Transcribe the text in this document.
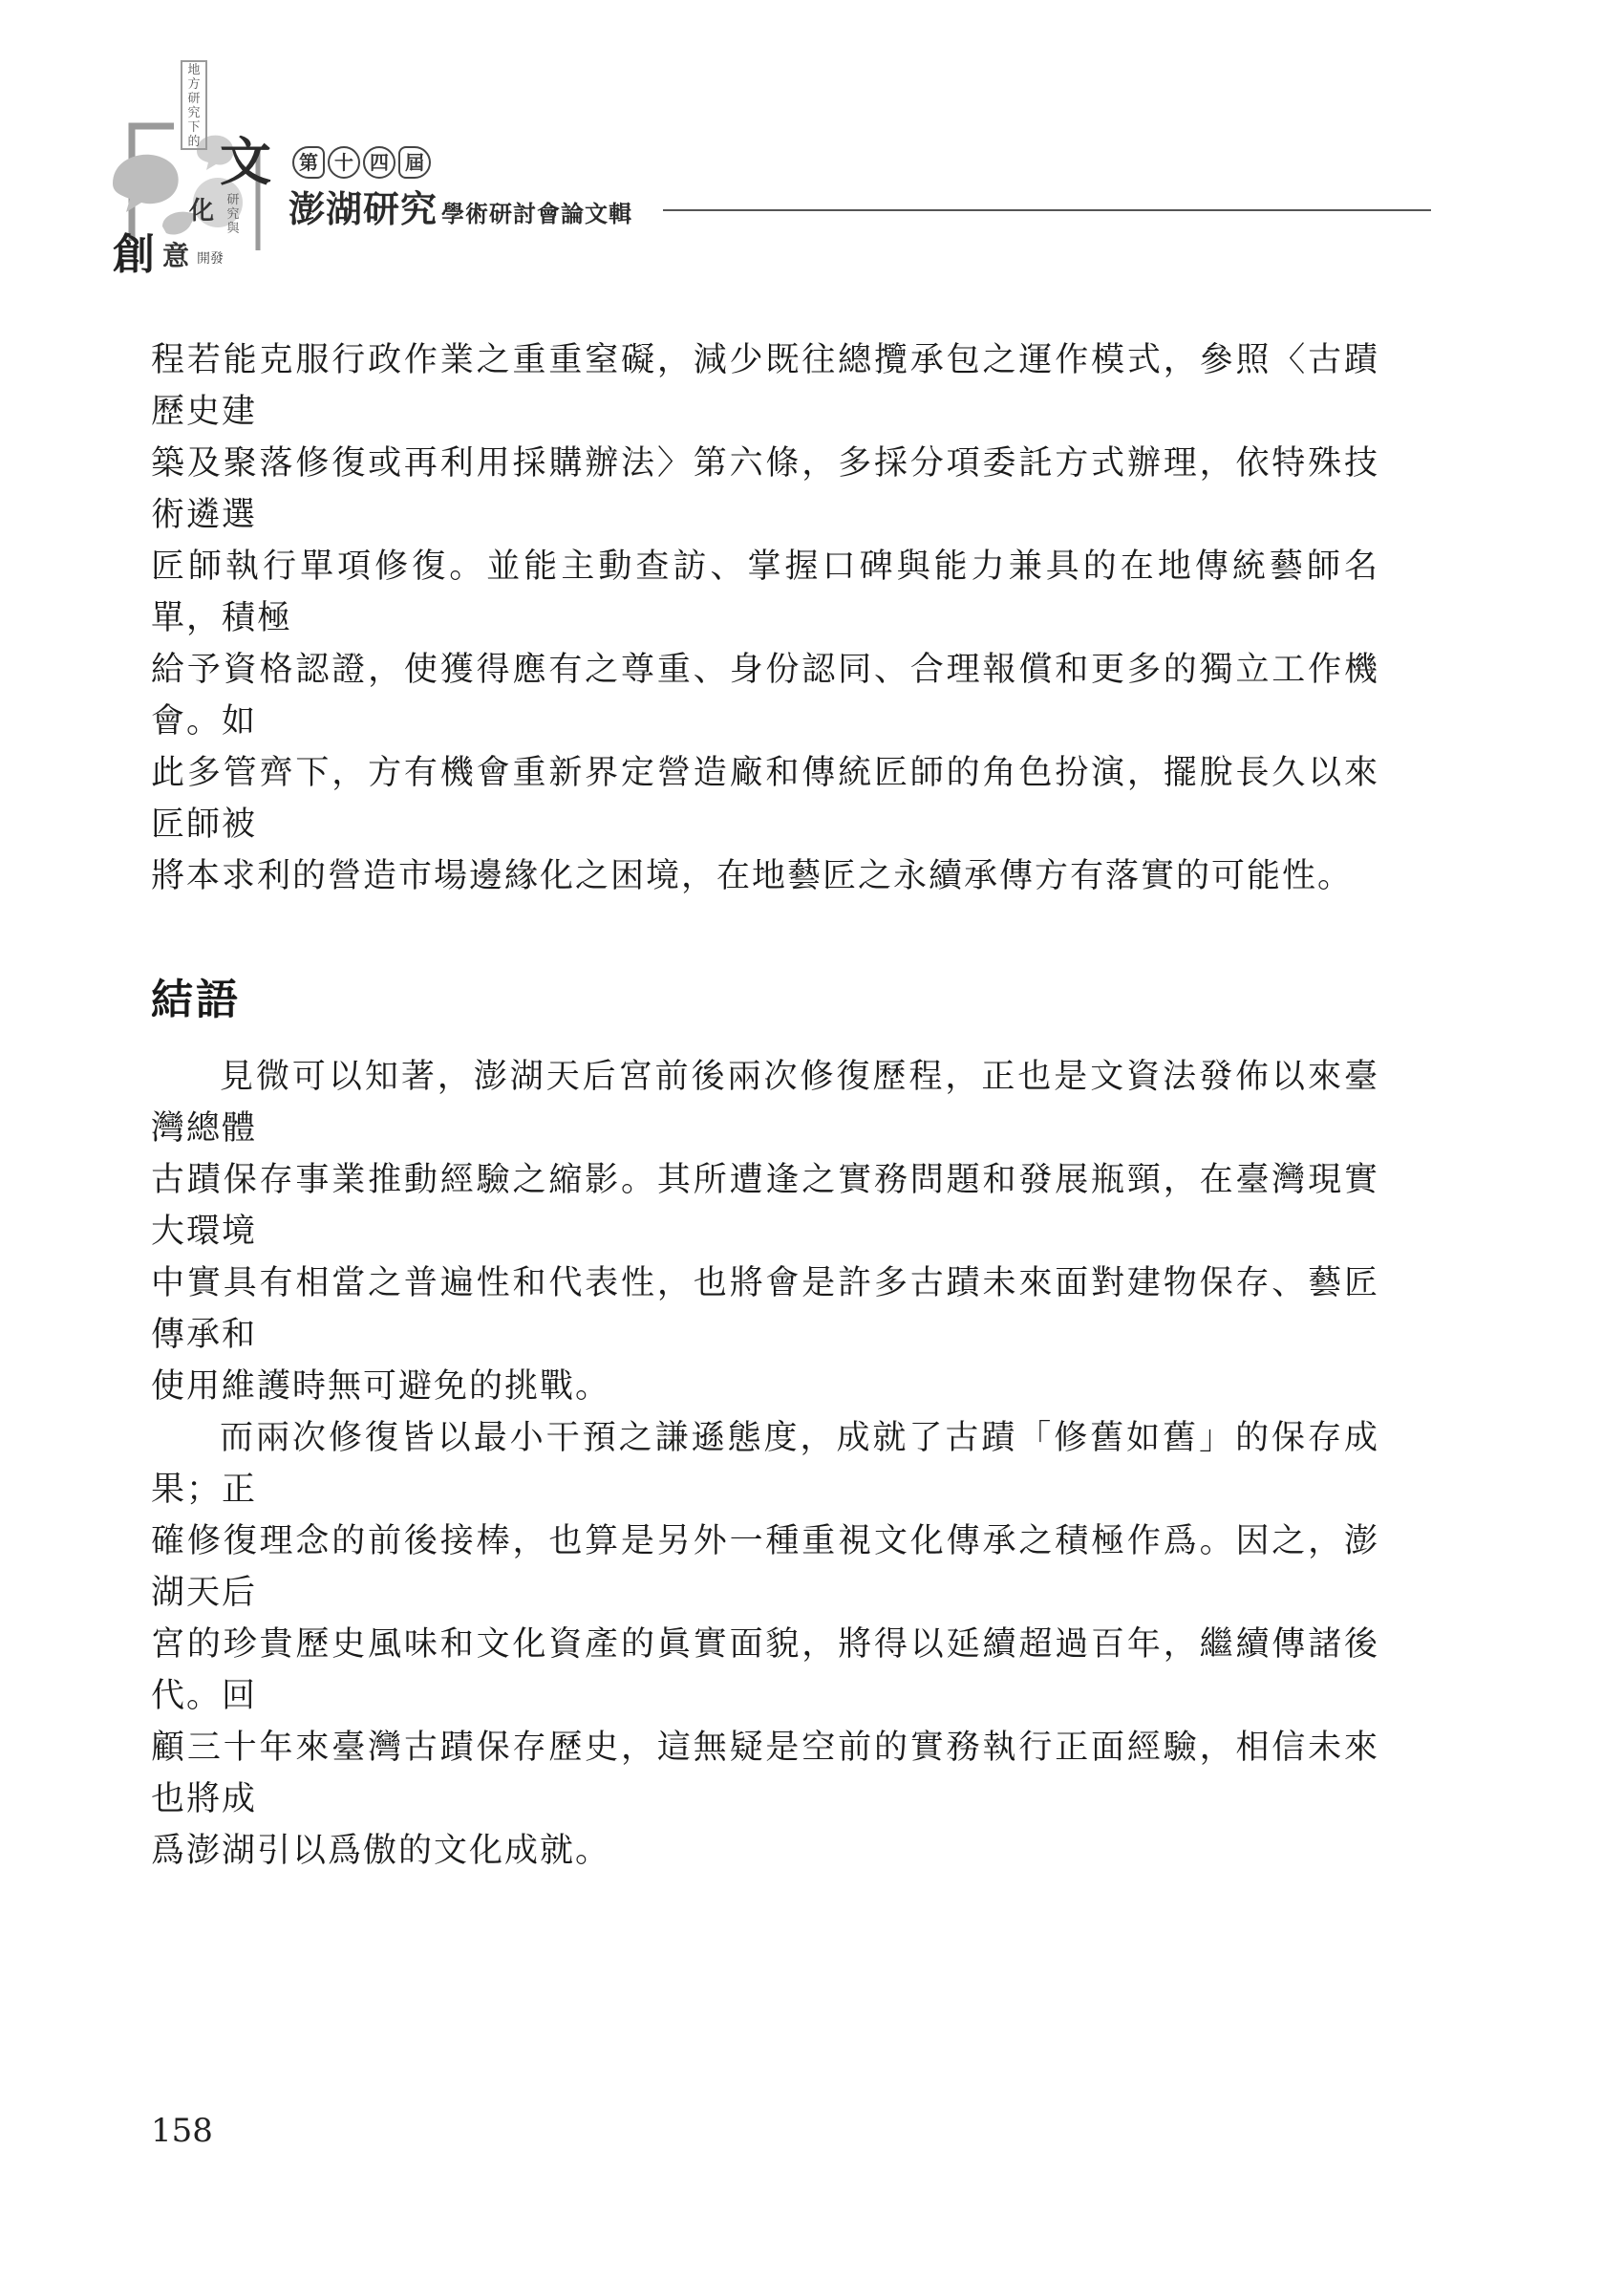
地方研究下的 文
化 研究與
創 意 開發
第 十 四 屆
澎湖研究 學術研討會論文輯

程若能克服行政作業之重重窒礙，減少既往總攬承包之運作模式，參照〈古蹟歷史建
築及聚落修復或再利用採購辦法〉第六條，多採分項委託方式辦理，依特殊技術遴選
匠師執行單項修復。並能主動查訪、掌握口碑與能力兼具的在地傳統藝師名單，積極
給予資格認證，使獲得應有之尊重、身份認同、合理報償和更多的獨立工作機會。如
此多管齊下，方有機會重新界定營造廠和傳統匠師的角色扮演，擺脫長久以來匠師被
將本求利的營造市場邊緣化之困境，在地藝匠之永續承傳方有落實的可能性。

結語

見微可以知著，澎湖天后宮前後兩次修復歷程，正也是文資法發佈以來臺灣總體
古蹟保存事業推動經驗之縮影。其所遭逢之實務問題和發展瓶頸，在臺灣現實大環境
中實具有相當之普遍性和代表性，也將會是許多古蹟未來面對建物保存、藝匠傳承和
使用維護時無可避免的挑戰。

而兩次修復皆以最小干預之謙遜態度，成就了古蹟「修舊如舊」的保存成果；正
確修復理念的前後接棒，也算是另外一種重視文化傳承之積極作爲。因之，澎湖天后
宮的珍貴歷史風味和文化資產的眞實面貌，將得以延續超過百年，繼續傳諸後代。回
顧三十年來臺灣古蹟保存歷史，這無疑是空前的實務執行正面經驗，相信未來也將成
爲澎湖引以爲傲的文化成就。

158
